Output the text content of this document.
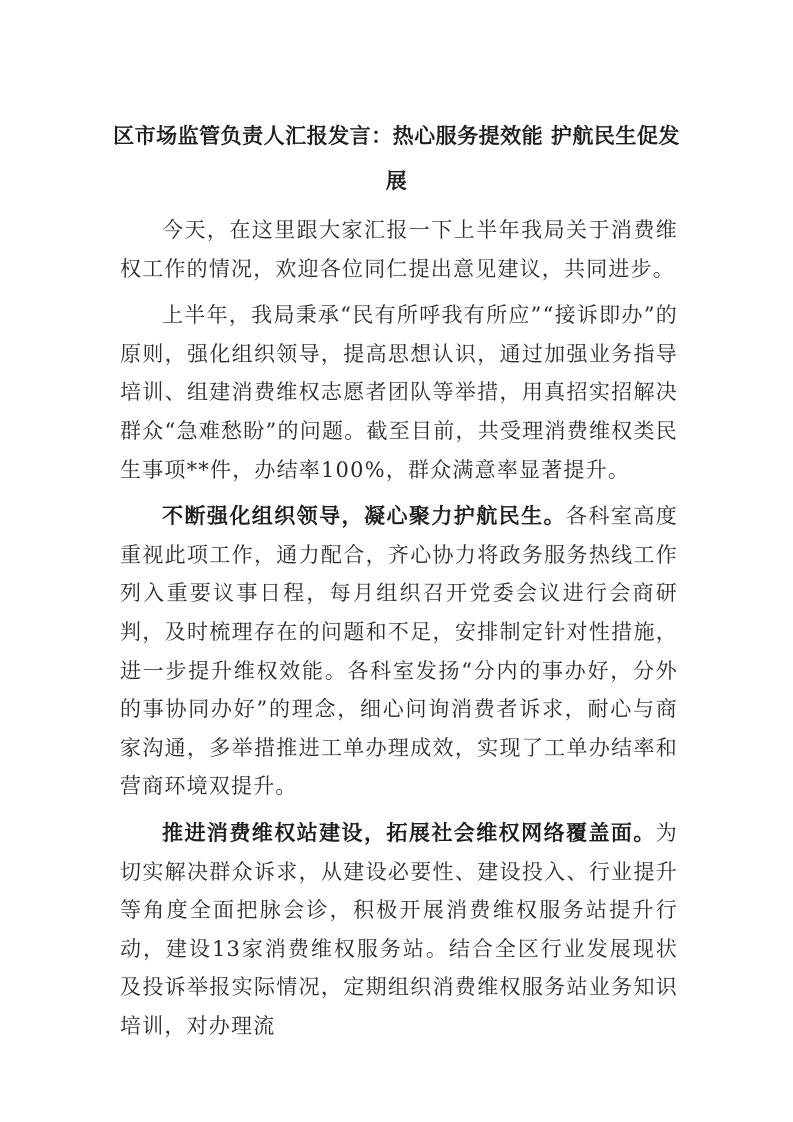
区市场监管负责人汇报发言：热心服务提效能 护航民生促发展

今天，在这里跟大家汇报一下上半年我局关于消费维权工作的情况，欢迎各位同仁提出意见建议，共同进步。

上半年，我局秉承“民有所呼我有所应”“接诉即办”的原则，强化组织领导，提高思想认识，通过加强业务指导培训、组建消费维权志愿者团队等举措，用真招实招解决群众“急难愁盼”的问题。截至目前，共受理消费维权类民生事项**件，办结率100%，群众满意率显著提升。

不断强化组织领导，凝心聚力护航民生。各科室高度重视此项工作，通力配合，齐心协力将政务服务热线工作列入重要议事日程，每月组织召开党委会议进行会商研判，及时梳理存在的问题和不足，安排制定针对性措施，进一步提升维权效能。各科室发扬“分内的事办好，分外的事协同办好”的理念，细心问询消费者诉求，耐心与商家沟通，多举措推进工单办理成效，实现了工单办结率和营商环境双提升。

推进消费维权站建设，拓展社会维权网络覆盖面。为切实解决群众诉求，从建设必要性、建设投入、行业提升等角度全面把脉会诊，积极开展消费维权服务站提升行动，建设13家消费维权服务站。结合全区行业发展现状及投诉举报实际情况，定期组织消费维权服务站业务知识培训，对办理流
